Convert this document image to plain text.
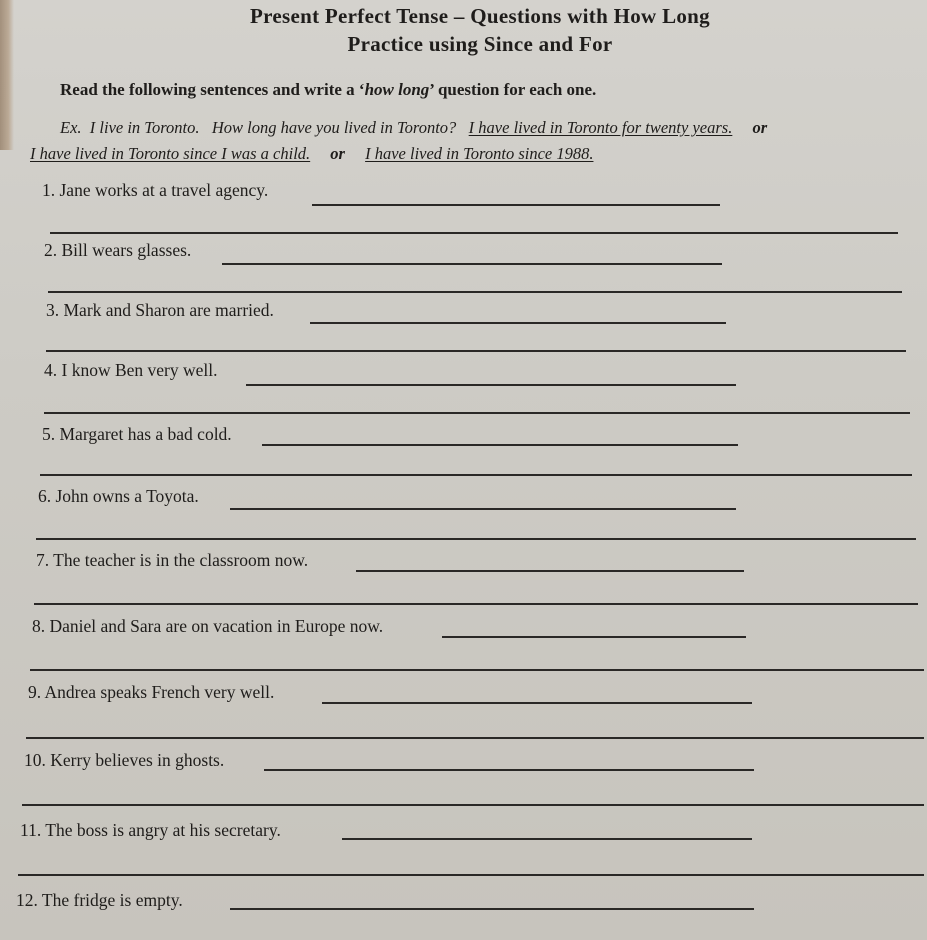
Present Perfect Tense – Questions with How Long
Practice using Since and For
Read the following sentences and write a ‘how long’ question for each one.
Ex. I live in Toronto. How long have you lived in Toronto? I have lived in Toronto for twenty years. or
I have lived in Toronto since I was a child. or I have lived in Toronto since 1988.
1. Jane works at a travel agency.
2. Bill wears glasses.
3. Mark and Sharon are married.
4. I know Ben very well.
5. Margaret has a bad cold.
6. John owns a Toyota.
7. The teacher is in the classroom now.
8. Daniel and Sara are on vacation in Europe now.
9. Andrea speaks French very well.
10. Kerry believes in ghosts.
11. The boss is angry at his secretary.
12. The fridge is empty.
